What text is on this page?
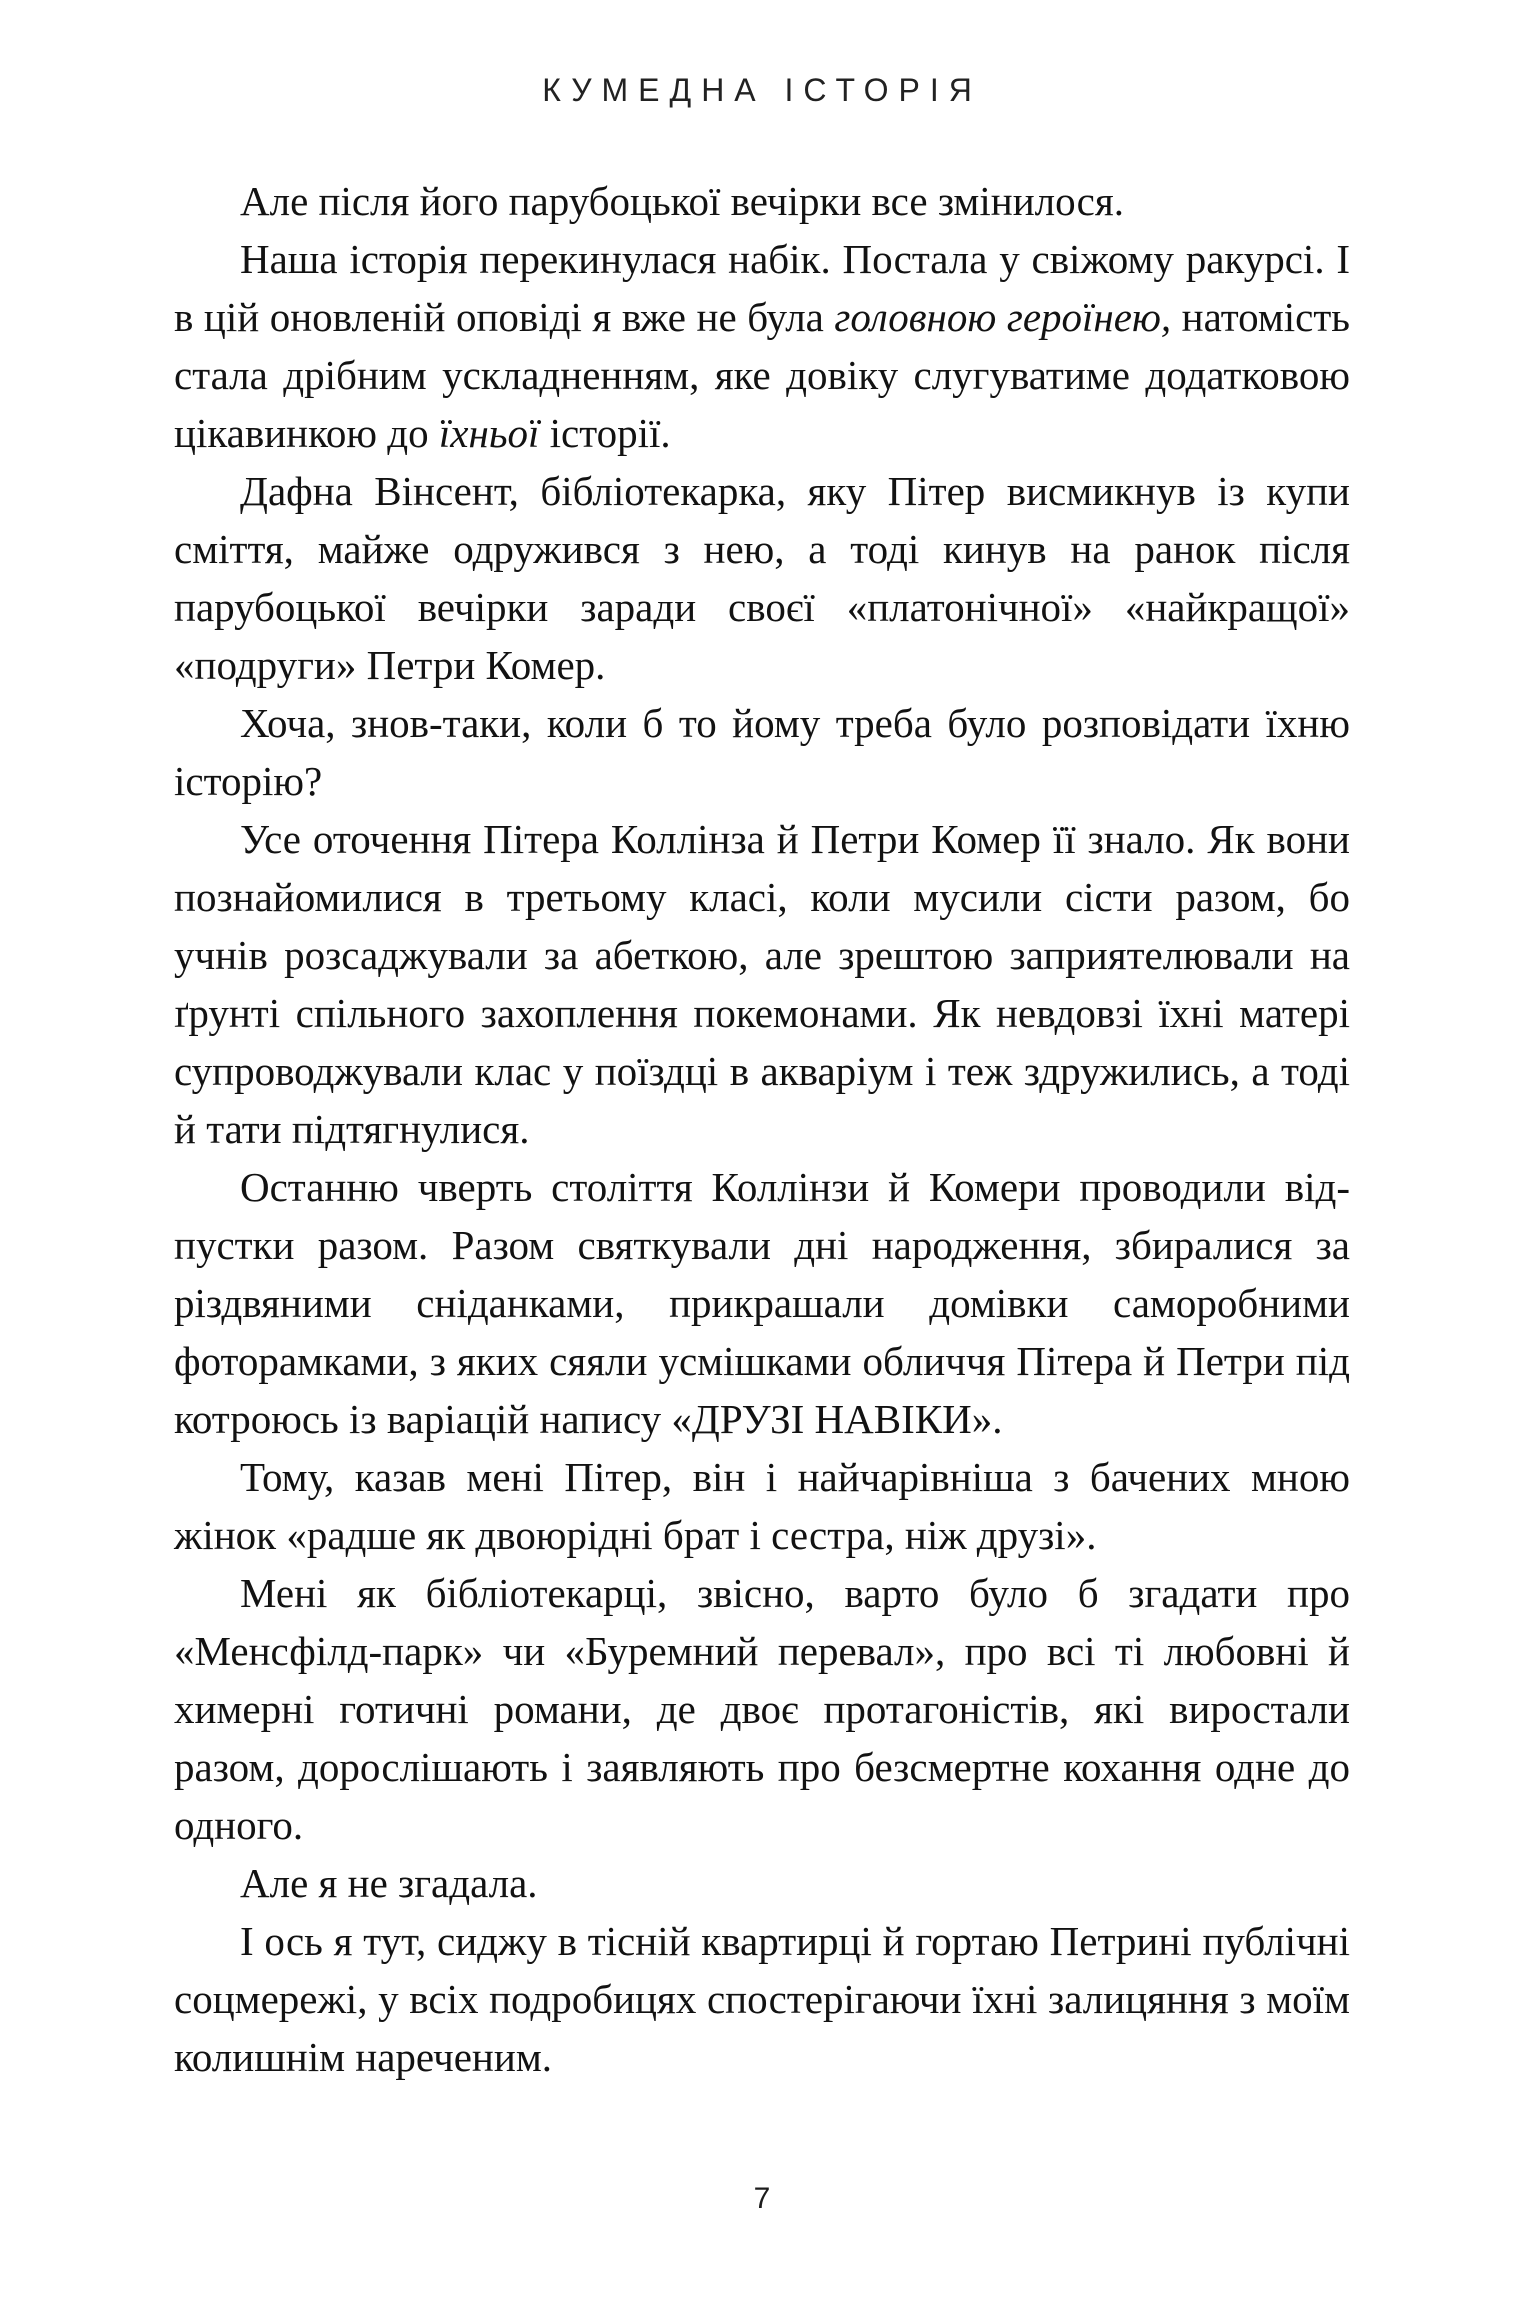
КУМЕДНА ІСТОРІЯ

Але після його парубоцької вечірки все змінилося.

Наша історія перекинулася набік. Постала у свіжому ракурсі. І в цій оновленій оповіді я вже не була головною героїнею, натомість стала дрібним ускладненням, яке довіку слугуватиме додатковою цікавинкою до їхньої історії.

Дафна Вінсент, бібліотекарка, яку Пітер висмикнув із купи сміття, майже одружився з нею, а тоді кинув на ранок після парубоцької вечірки заради своєї «платонічної» «найкращої» «подруги» Петри Комер.

Хоча, знов-таки, коли б то йому треба було розповідати їхню історію?

Усе оточення Пітера Коллінза й Петри Комер її знало. Як вони познайомилися в третьому класі, коли мусили сісти разом, бо учнів розсаджували за абеткою, але зрештою заприятелювали на ґрунті спільного захоплення покемонами. Як невдовзі їхні матері супроводжували клас у поїздці в акваріум і теж здружились, а тоді й тати підтягнулися.

Останню чверть століття Коллінзи й Комери проводили відпустки разом. Разом святкували дні народження, збиралися за різдвяними сніданками, прикрашали домівки саморобними фоторамками, з яких сяяли усмішками обличчя Пітера й Петри під котроюсь із варіацій напису «ДРУЗІ НАВІКИ».

Тому, казав мені Пітер, він і найчарівніша з бачених мною жінок «радше як двоюрідні брат і сестра, ніж друзі».

Мені як бібліотекарці, звісно, варто було б згадати про «Менсфілд-парк» чи «Буремний перевал», про всі ті любовні й химерні готичні романи, де двоє протагоністів, які виростали разом, дорослішають і заявляють про безсмертне кохання одне до одного.

Але я не згадала.

І ось я тут, сиджу в тісній квартирці й гортаю Петрині публічні соцмережі, у всіх подробицях спостерігаючи їхні залицяння з моїм колишнім нареченим.

7
